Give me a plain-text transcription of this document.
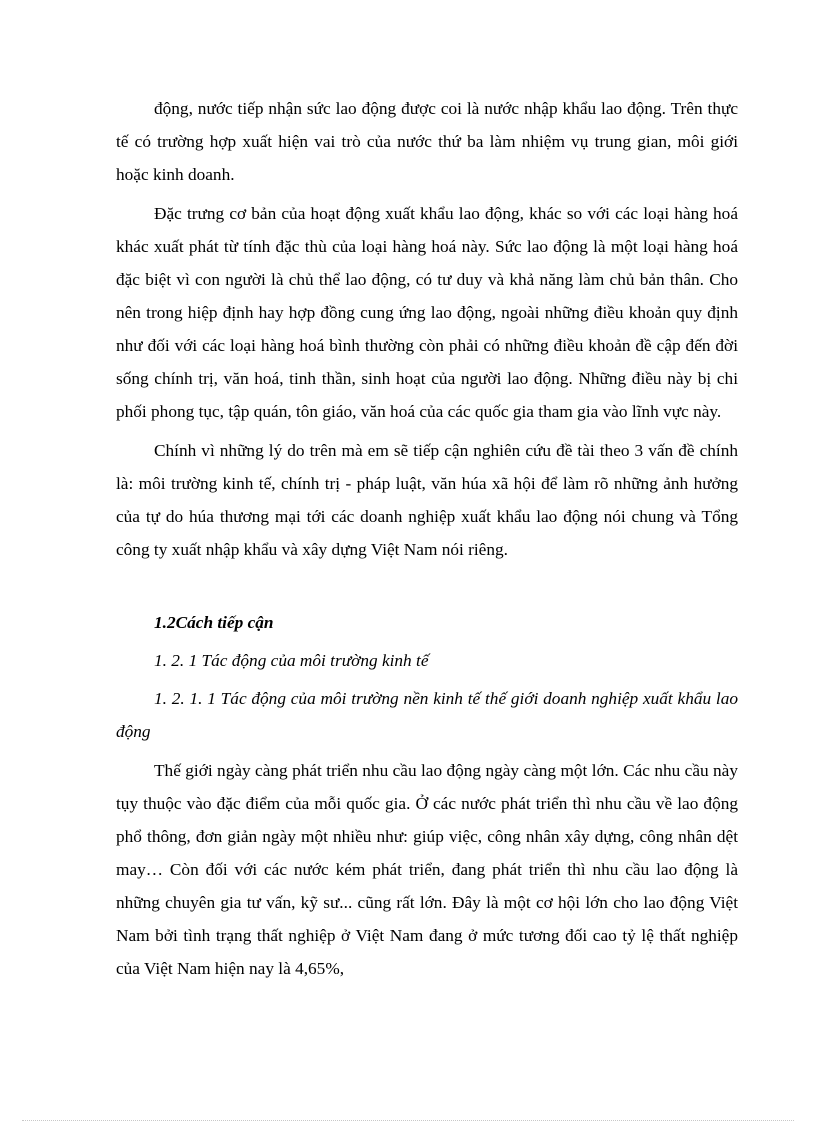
động, nước tiếp nhận sức lao động được coi là nước nhập khẩu lao động. Trên thực tế có trường hợp xuất hiện vai trò của nước thứ ba làm nhiệm vụ trung gian, môi giới hoặc kinh doanh.

Đặc trưng cơ bản của hoạt động xuất khẩu lao động, khác so với các loại hàng hoá khác xuất phát từ tính đặc thù của loại hàng hoá này. Sức lao động là một loại hàng hoá đặc biệt vì con người là chủ thể lao động, có tư duy và khả năng làm chủ bản thân. Cho nên trong hiệp định hay hợp đồng cung ứng lao động, ngoài những điều khoản quy định như đối với các loại hàng hoá bình thường còn phải có những điều khoản đề cập đến đời sống chính trị, văn hoá, tinh thần, sinh hoạt của người lao động. Những điều này bị chi phối phong tục, tập quán, tôn giáo, văn hoá của các quốc gia tham gia vào lĩnh vực này.

Chính vì những lý do trên mà em sẽ tiếp cận nghiên cứu đề tài theo 3 vấn đề chính là: môi trường kinh tế, chính trị - pháp luật, văn húa xã hội để làm rõ những ảnh hưởng của tự do húa thương mại tới các doanh nghiệp xuất khẩu lao động nói chung và Tổng công ty xuất nhập khẩu và xây dựng Việt Nam nói riêng.

1.2Cách tiếp cận
1. 2. 1 Tác động của môi trường kinh tế

1. 2. 1. 1 Tác động của môi trường nền kinh tế thế giới doanh nghiệp xuất khẩu lao động

Thế giới ngày càng phát triển nhu cầu lao động ngày càng một lớn. Các nhu cầu này tụy thuộc vào đặc điểm của mỗi quốc gia. Ở các nước phát triển thì nhu cầu về lao động phổ thông, đơn giản ngày một nhiều như: giúp việc, công nhân xây dựng, công nhân dệt may… Còn đối với các nước kém phát triển, đang phát triển thì nhu cầu lao động là những chuyên gia tư vấn, kỹ sư... cũng rất lớn. Đây là một cơ hội lớn cho lao động Việt Nam bởi tình trạng thất nghiệp ở Việt Nam đang ở mức tương đối cao tỷ lệ thất nghiệp của Việt Nam hiện nay là 4,65%,
